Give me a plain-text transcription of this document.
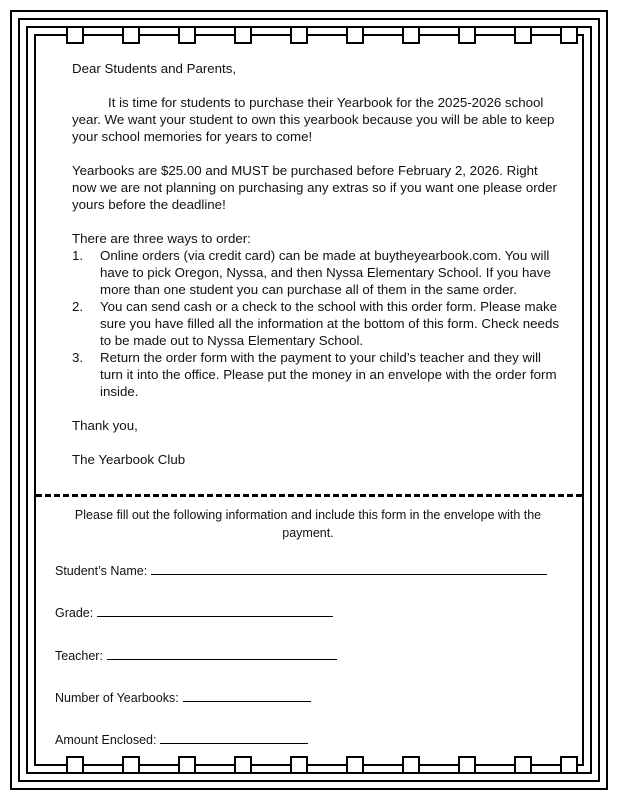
Dear Students and Parents,

It is time for students to purchase their Yearbook for the 2025-2026 school year. We want your student to own this yearbook because you will be able to keep your school memories for years to come!

Yearbooks are $25.00 and MUST be purchased before February 2, 2026. Right now we are not planning on purchasing any extras so if you want one please order yours before the deadline!

There are three ways to order:

1. Online orders (via credit card) can be made at buytheyearbook.com. You will have to pick Oregon, Nyssa, and then Nyssa Elementary School. If you have more than one student you can purchase all of them in the same order.
2. You can send cash or a check to the school with this order form. Please make sure you have filled all the information at the bottom of this form. Check needs to be made out to Nyssa Elementary School.
3. Return the order form with the payment to your child’s teacher and they will turn it into the office. Please put the money in an envelope with the order form inside.

Thank you,

The Yearbook Club

Please fill out the following information and include this form in the envelope with the payment.

Student’s Name:
Grade:
Teacher:
Number of Yearbooks:
Amount Enclosed:
